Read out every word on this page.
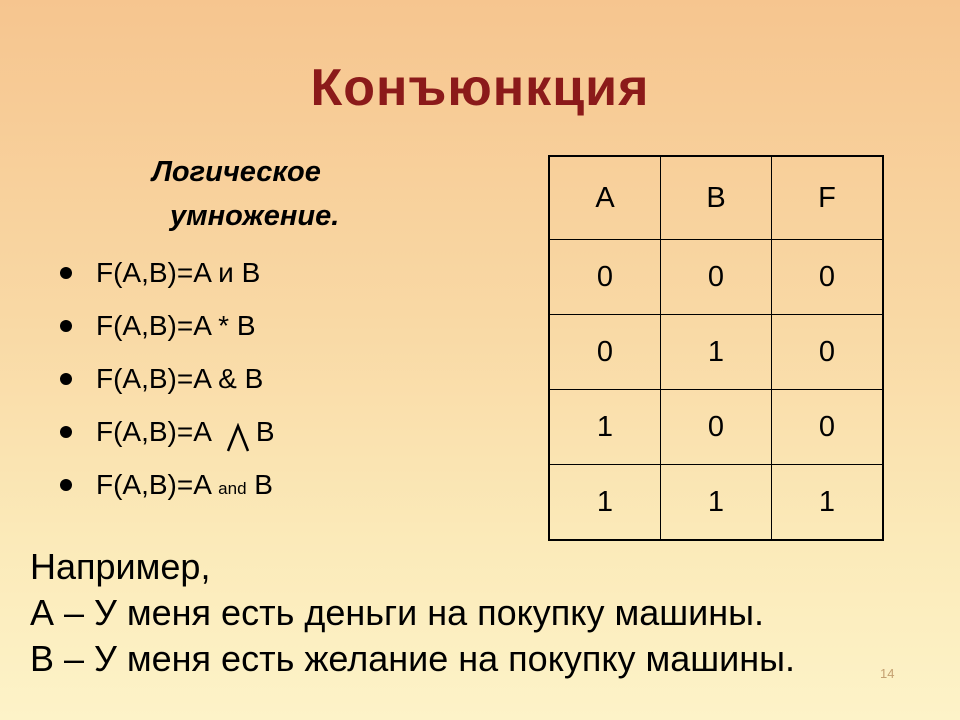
Конъюнкция
Логическое
умножение.
F(A,B)=A и B
F(A,B)=A * B
F(A,B)=A & B
F(A,B)=A B
F(A,B)=A and B
A	B	F
0	0	0
0	1	0
1	0	0
1	1	1
Например,
А – У меня есть деньги на покупку машины.
В – У меня есть желание на покупку машины.	14
